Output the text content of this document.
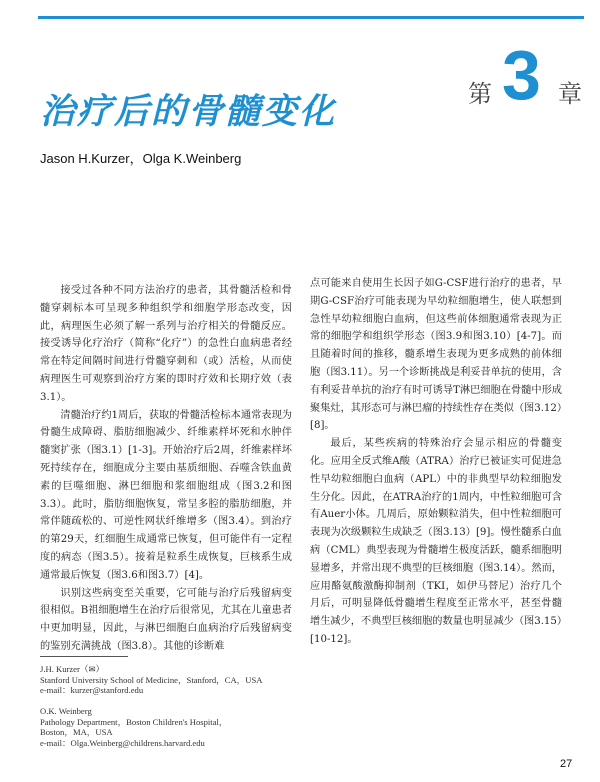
治疗后的骨髓变化	第 3 章

Jason H.Kurzer，Olga K.Weinberg

接受过各种不同方法治疗的患者，其骨髓活检和骨髓穿刺标本可呈现多种组织学和细胞学形态改变，因此，病理医生必须了解一系列与治疗相关的骨髓反应。接受诱导化疗治疗（简称“化疗”）的急性白血病患者经常在特定间隔时间进行骨髓穿刺和（或）活检，从而使病理医生可观察到治疗方案的即时疗效和长期疗效（表3.1）。

清髓治疗约1周后，获取的骨髓活检标本通常表现为骨髓生成障碍、脂肪细胞减少、纤维素样坏死和水肿伴髓窦扩张（图3.1）[1-3]。开始治疗后2周，纤维素样坏死持续存在，细胞成分主要由基质细胞、吞噬含铁血黄素的巨噬细胞、淋巴细胞和浆细胞组成（图3.2和图3.3）。此时，脂肪细胞恢复，常呈多腔的脂肪细胞，并常伴随疏松的、可逆性网状纤维增多（图3.4）。到治疗的第29天，红细胞生成通常已恢复，但可能伴有一定程度的病态（图3.5）。接着是粒系生成恢复，巨核系生成通常最后恢复（图3.6和图3.7）[4]。

识别这些病变至关重要，它可能与治疗后残留病变很相似。B祖细胞增生在治疗后很常见，尤其在儿童患者中更加明显，因此，与淋巴细胞白血病治疗后残留病变的鉴别充满挑战（图3.8）。其他的诊断难

点可能来自使用生长因子如G-CSF进行治疗的患者，早期G-CSF治疗可能表现为早幼粒细胞增生，使人联想到急性早幼粒细胞白血病，但这些前体细胞通常表现为正常的细胞学和组织学形态（图3.9和图3.10）[4-7]。而且随着时间的推移，髓系增生表现为更多成熟的前体细胞（图3.11）。另一个诊断挑战是利妥昔单抗的使用，含有利妥昔单抗的治疗有时可诱导T淋巴细胞在骨髓中形成聚集灶，其形态可与淋巴瘤的持续性存在类似（图3.12）[8]。

最后，某些疾病的特殊治疗会显示相应的骨髓变化。应用全反式维A酸（ATRA）治疗已被证实可促进急性早幼粒细胞白血病（APL）中的非典型早幼粒细胞发生分化。因此，在ATRA治疗的1周内，中性粒细胞可含有Auer小体。几周后，原始颗粒消失，但中性粒细胞可表现为次级颗粒生成缺乏（图3.13）[9]。慢性髓系白血病（CML）典型表现为骨髓增生极度活跃，髓系细胞明显增多，并常出现不典型的巨核细胞（图3.14）。然而，应用酪氨酸激酶抑制剂（TKI，如伊马替尼）治疗几个月后，可明显降低骨髓增生程度至正常水平，甚至骨髓增生减少，不典型巨核细胞的数量也明显减少（图3.15）[10-12]。

J.H. Kurzer（✉）
Stanford University School of Medicine，Stanford，CA，USA
e-mail：kurzer@stanford.edu
O.K. Weinberg
Pathology Department，Boston Children's Hospital，
Boston，MA，USA
e-mail：Olga.Weinberg@childrens.harvard.edu
27
